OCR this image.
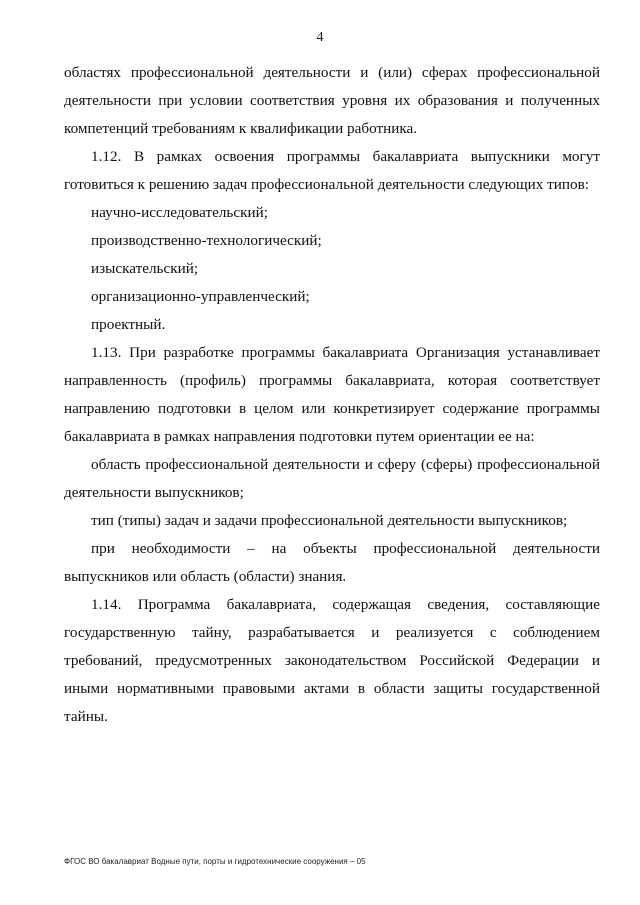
4

областях профессиональной деятельности и (или) сферах профессиональной деятельности при условии соответствия уровня их образования и полученных компетенций требованиям к квалификации работника.

1.12. В рамках освоения программы бакалавриата выпускники могут готовиться к решению задач профессиональной деятельности следующих типов:

научно-исследовательский;
производственно-технологический;
изыскательский;
организационно-управленческий;
проектный.

1.13. При разработке программы бакалавриата Организация устанавливает направленность (профиль) программы бакалавриата, которая соответствует направлению подготовки в целом или конкретизирует содержание программы бакалавриата в рамках направления подготовки путем ориентации ее на:

область профессиональной деятельности и сферу (сферы) профессиональной деятельности выпускников;

тип (типы) задач и задачи профессиональной деятельности выпускников;

при необходимости – на объекты профессиональной деятельности выпускников или область (области) знания.

1.14. Программа бакалавриата, содержащая сведения, составляющие государственную тайну, разрабатывается и реализуется с соблюдением требований, предусмотренных законодательством Российской Федерации и иными нормативными правовыми актами в области защиты государственной тайны.

ФГОС ВО бакалавриат Водные пути, порты и гидротехнические сооружения – 05
